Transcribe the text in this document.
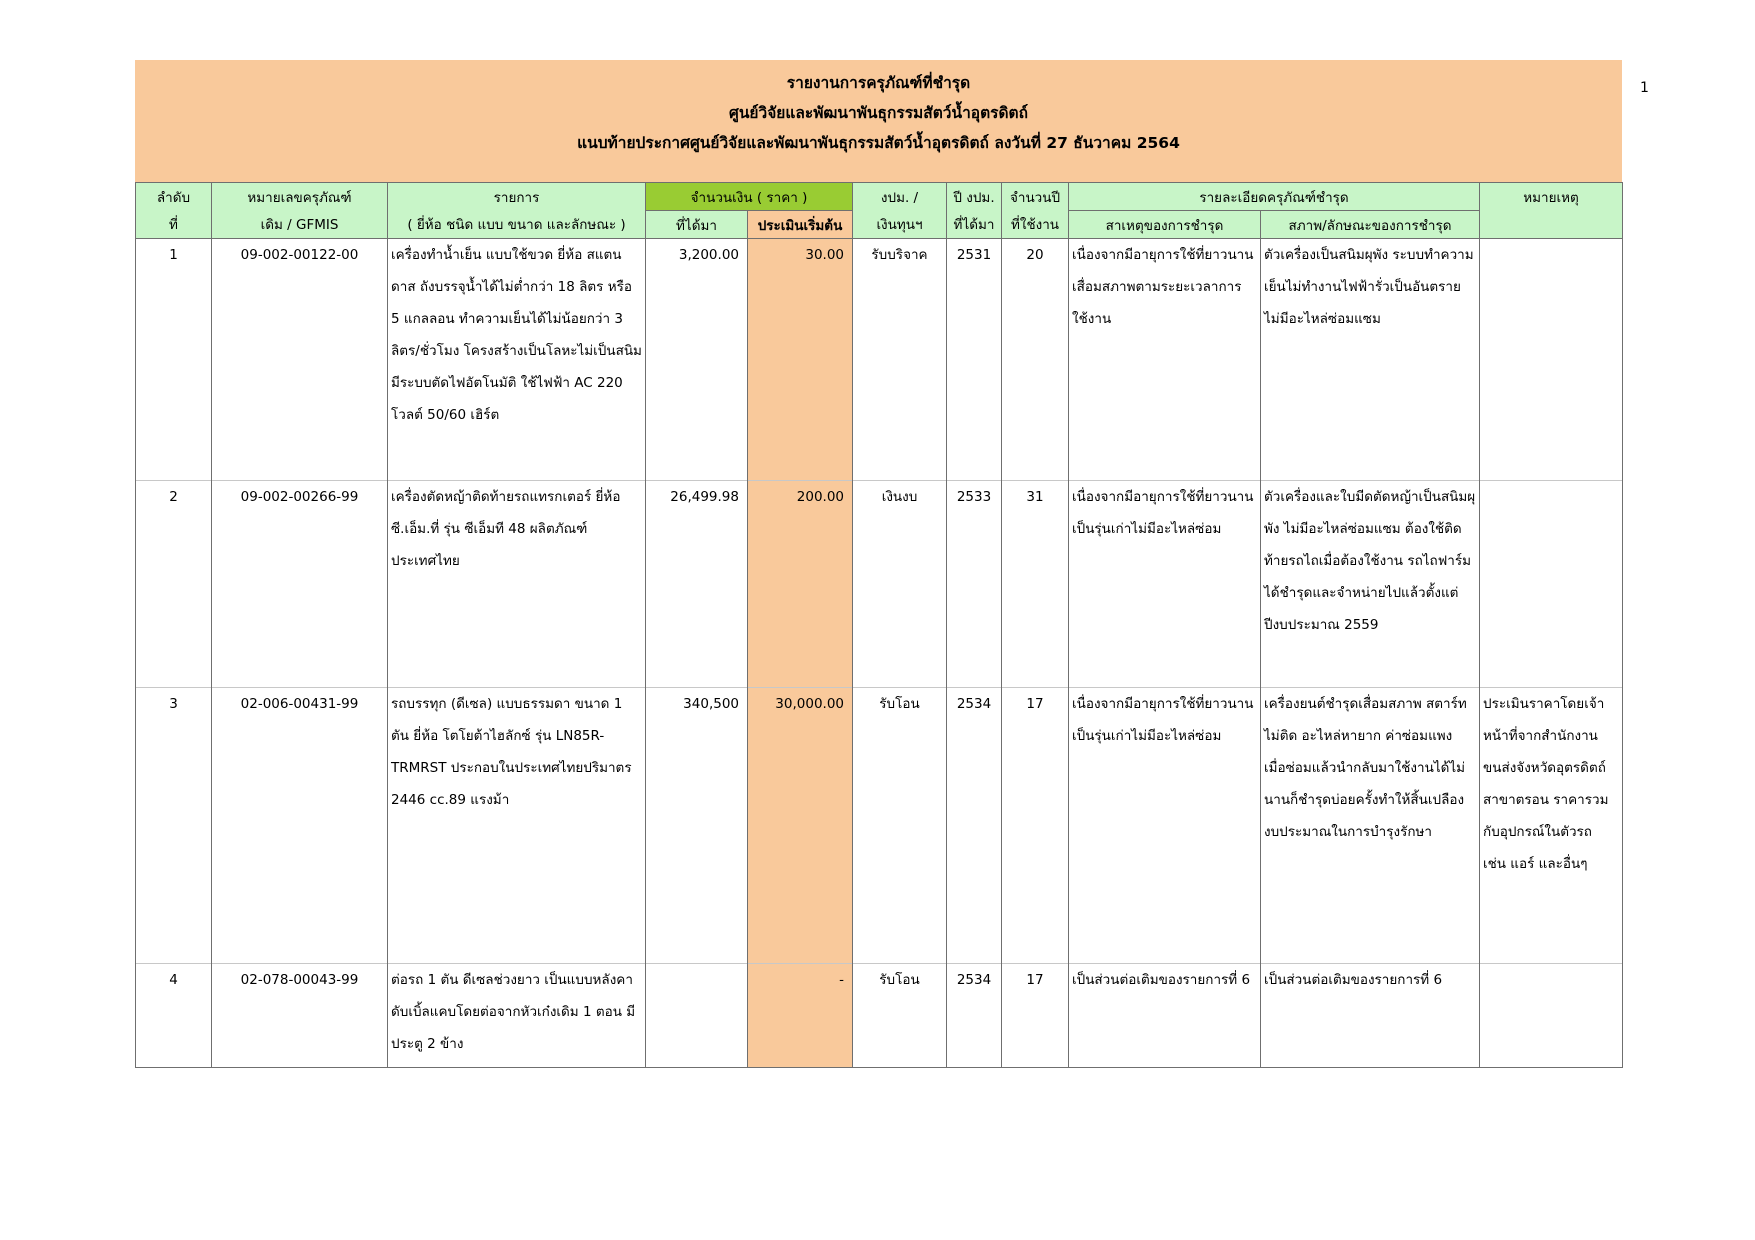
1
รายงานการครุภัณฑ์ที่ชำรุด
ศูนย์วิจัยและพัฒนาพันธุกรรมสัตว์น้ำอุตรดิตถ์
แนบท้ายประกาศศูนย์วิจัยและพัฒนาพันธุกรรมสัตว์น้ำอุตรดิตถ์ ลงวันที่ 27 ธันวาคม 2564
ลำดับ	หมายเลขครุภัณฑ์	รายการ	จำนวนเงิน ( ราคา )		งปม. /	ปี งปม.	จำนวนปี	รายละเอียดครุภัณฑ์ชำรุด		หมายเหตุ
ที่	เดิม / GFMIS	( ยี่ห้อ ชนิด แบบ ขนาด และลักษณะ )	ที่ได้มา	ประเมินเริ่มต้น	เงินทุนฯ	ที่ได้มา	ที่ใช้งาน	สาเหตุของการชำรุด	สภาพ/ลักษณะของการชำรุด	
1	09-002-00122-00	เครื่องทำน้ำเย็น แบบใช้ขวด ยี่ห้อ สแตนดาส ถังบรรจุน้ำได้ไม่ต่ำกว่า 18 ลิตร หรือ 5 แกลลอน ทำความเย็นได้ไม่น้อยกว่า 3 ลิตร/ชั่วโมง โครงสร้างเป็นโลหะไม่เป็นสนิมมีระบบตัดไฟอัตโนมัติ ใช้ไฟฟ้า AC 220 โวลต์ 50/60 เฮิร์ต	3,200.00	30.00	รับบริจาค	2531	20	เนื่องจากมีอายุการใช้ที่ยาวนาน เสื่อมสภาพตามระยะเวลาการใช้งาน	ตัวเครื่องเป็นสนิมผุพัง ระบบทำความเย็นไม่ทำงานไฟฟ้ารั่วเป็นอันตราย ไม่มีอะไหล่ซ่อมแซม	
2	09-002-00266-99	เครื่องตัดหญ้าติดท้ายรถแทรกเตอร์ ยี่ห้อ ซี.เอ็ม.ที่ รุ่น ซีเอ็มที 48 ผลิตภัณฑ์ประเทศไทย	26,499.98	200.00	เงินงบ	2533	31	เนื่องจากมีอายุการใช้ที่ยาวนาน เป็นรุ่นเก่าไม่มีอะไหล่ซ่อม	ตัวเครื่องและใบมีดตัดหญ้าเป็นสนิมผุพัง ไม่มีอะไหล่ซ่อมแซม ต้องใช้ติดท้ายรถไถเมื่อต้องใช้งาน รถไถฟาร์มได้ชำรุดและจำหน่ายไปแล้วตั้งแต่ปีงบประมาณ 2559	
3	02-006-00431-99	รถบรรทุก (ดีเซล) แบบธรรมดา ขนาด 1 ตัน ยี่ห้อ โตโยต้าไฮลักซ์ รุ่น LN85R-TRMRST ประกอบในประเทศไทยปริมาตร 2446 cc.89 แรงม้า	340,500	30,000.00	รับโอน	2534	17	เนื่องจากมีอายุการใช้ที่ยาวนาน เป็นรุ่นเก่าไม่มีอะไหล่ซ่อม	เครื่องยนต์ชำรุดเสื่อมสภาพ สตาร์ทไม่ติด อะไหล่หายาก ค่าซ่อมแพง เมื่อซ่อมแล้วนำกลับมาใช้งานได้ไม่นานก็ชำรุดบ่อยครั้งทำให้สิ้นเปลืองงบประมาณในการบำรุงรักษา	ประเมินราคาโดยเจ้าหน้าที่จากสำนักงานขนส่งจังหวัดอุตรดิตถ์ สาขาตรอน ราคารวมกับอุปกรณ์ในตัวรถ เช่น แอร์ และอื่นๆ
4	02-078-00043-99	ต่อรถ 1 ตัน ดีเซลช่วงยาว เป็นแบบหลังคาดับเบิ้ลแคบโดยต่อจากหัวเก๋งเดิม 1 ตอน มีประตู 2 ข้าง		-	รับโอน	2534	17	เป็นส่วนต่อเติมของรายการที่ 6	เป็นส่วนต่อเติมของรายการที่ 6	
